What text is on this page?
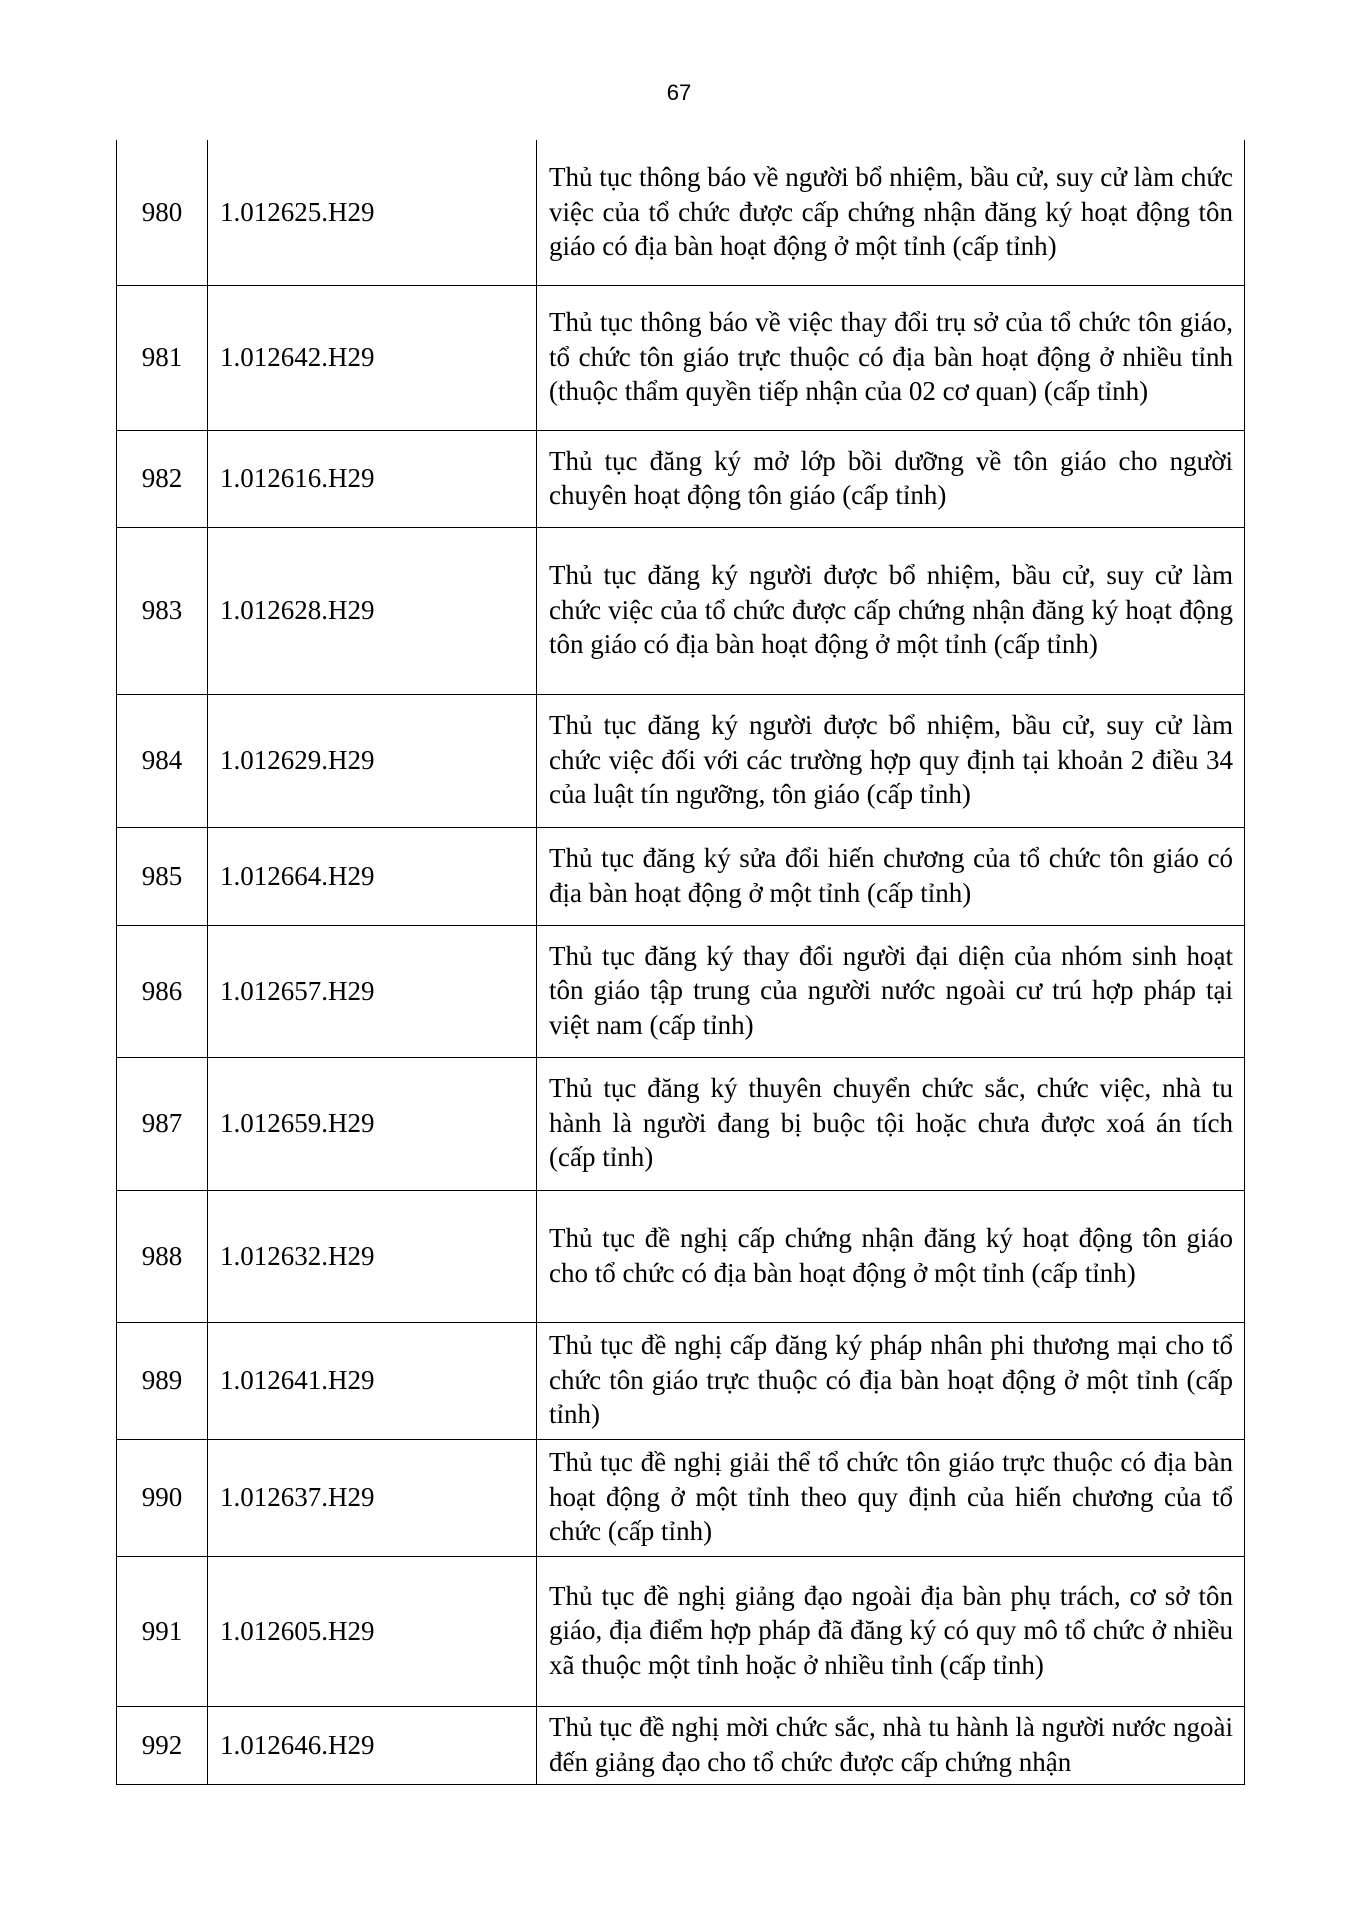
67
980	1.012625.H29	Thủ tục thông báo về người bổ nhiệm, bầu cử, suy cử làm chức việc của tổ chức được cấp chứng nhận đăng ký hoạt động tôn giáo có địa bàn hoạt động ở một tỉnh (cấp tỉnh)
981	1.012642.H29	Thủ tục thông báo về việc thay đổi trụ sở của tổ chức tôn giáo, tổ chức tôn giáo trực thuộc có địa bàn hoạt động ở nhiều tỉnh (thuộc thẩm quyền tiếp nhận của 02 cơ quan) (cấp tỉnh)
982	1.012616.H29	Thủ tục đăng ký mở lớp bồi dưỡng về tôn giáo cho người chuyên hoạt động tôn giáo (cấp tỉnh)
983	1.012628.H29	Thủ tục đăng ký người được bổ nhiệm, bầu cử, suy cử làm chức việc của tổ chức được cấp chứng nhận đăng ký hoạt động tôn giáo có địa bàn hoạt động ở một tỉnh (cấp tỉnh)
984	1.012629.H29	Thủ tục đăng ký người được bổ nhiệm, bầu cử, suy cử làm chức việc đối với các trường hợp quy định tại khoản 2 điều 34 của luật tín ngưỡng, tôn giáo (cấp tỉnh)
985	1.012664.H29	Thủ tục đăng ký sửa đổi hiến chương của tổ chức tôn giáo có địa bàn hoạt động ở một tỉnh (cấp tỉnh)
986	1.012657.H29	Thủ tục đăng ký thay đổi người đại diện của nhóm sinh hoạt tôn giáo tập trung của người nước ngoài cư trú hợp pháp tại việt nam (cấp tỉnh)
987	1.012659.H29	Thủ tục đăng ký thuyên chuyển chức sắc, chức việc, nhà tu hành là người đang bị buộc tội hoặc chưa được xoá án tích (cấp tỉnh)
988	1.012632.H29	Thủ tục đề nghị cấp chứng nhận đăng ký hoạt động tôn giáo cho tổ chức có địa bàn hoạt động ở một tỉnh (cấp tỉnh)
989	1.012641.H29	Thủ tục đề nghị cấp đăng ký pháp nhân phi thương mại cho tổ chức tôn giáo trực thuộc có địa bàn hoạt động ở một tỉnh (cấp tỉnh)
990	1.012637.H29	Thủ tục đề nghị giải thể tổ chức tôn giáo trực thuộc có địa bàn hoạt động ở một tỉnh theo quy định của hiến chương của tổ chức (cấp tỉnh)
991	1.012605.H29	Thủ tục đề nghị giảng đạo ngoài địa bàn phụ trách, cơ sở tôn giáo, địa điểm hợp pháp đã đăng ký có quy mô tổ chức ở nhiều xã thuộc một tỉnh hoặc ở nhiều tỉnh (cấp tỉnh)
992	1.012646.H29	Thủ tục đề nghị mời chức sắc, nhà tu hành là người nước ngoài đến giảng đạo cho tổ chức được cấp chứng nhận
